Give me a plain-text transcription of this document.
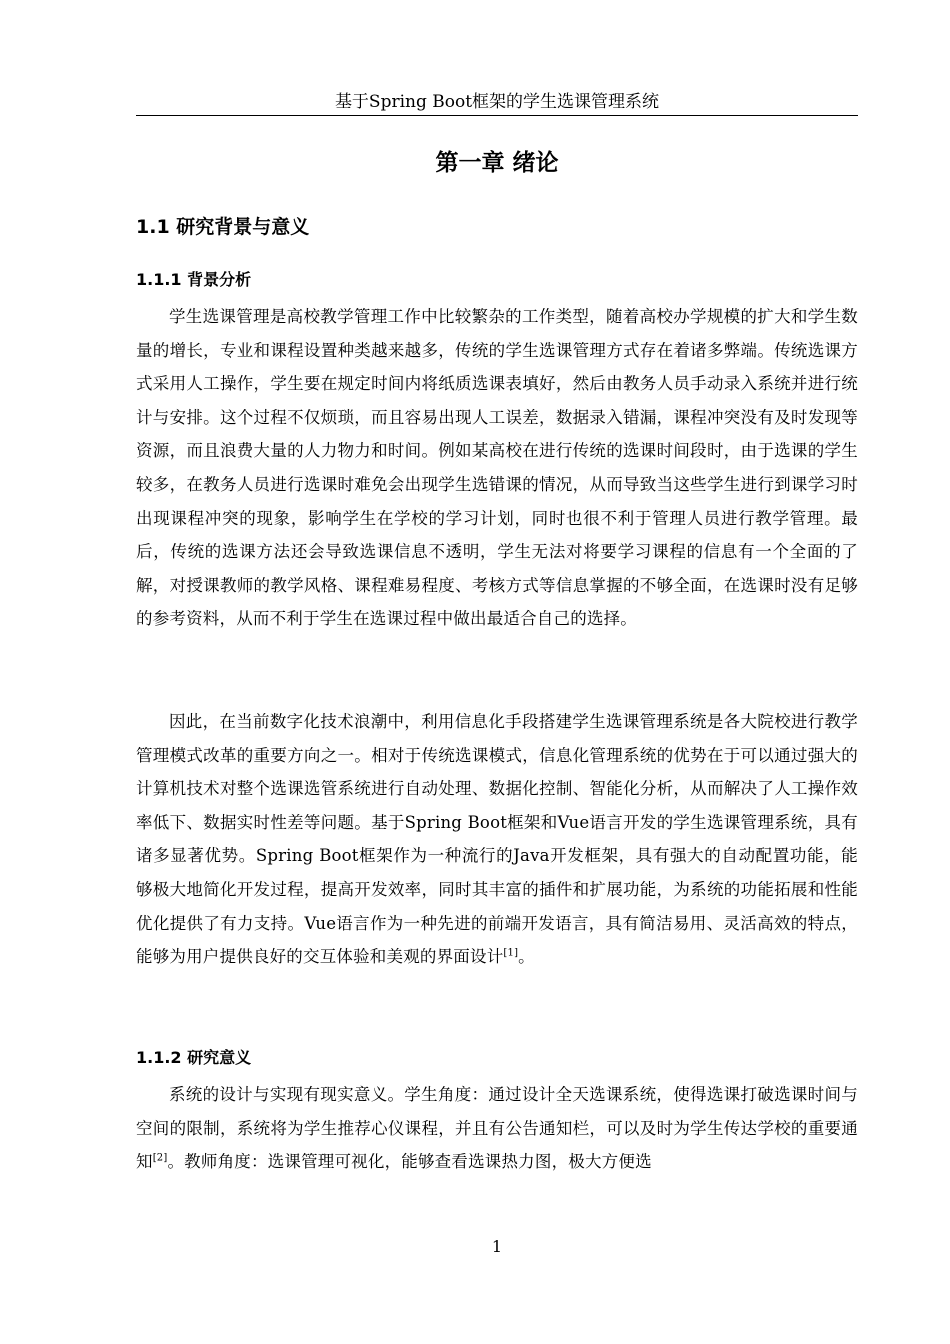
基于Spring Boot框架的学生选课管理系统
第一章 绪论
1.1 研究背景与意义
1.1.1 背景分析

学生选课管理是高校教学管理工作中比较繁杂的工作类型，随着高校办学规模的扩大和学生数量的增长，专业和课程设置种类越来越多，传统的学生选课管理方式存在着诸多弊端。传统选课方式采用人工操作，学生要在规定时间内将纸质选课表填好，然后由教务人员手动录入系统并进行统计与安排。这个过程不仅烦琐，而且容易出现人工误差，数据录入错漏，课程冲突没有及时发现等资源，而且浪费大量的人力物力和时间。例如某高校在进行传统的选课时间段时，由于选课的学生较多，在教务人员进行选课时难免会出现学生选错课的情况，从而导致当这些学生进行到课学习时出现课程冲突的现象，影响学生在学校的学习计划，同时也很不利于管理人员进行教学管理。最后，传统的选课方法还会导致选课信息不透明，学生无法对将要学习课程的信息有一个全面的了解，对授课教师的教学风格、课程难易程度、考核方式等信息掌握的不够全面，在选课时没有足够的参考资料，从而不利于学生在选课过程中做出最适合自己的选择。

因此，在当前数字化技术浪潮中，利用信息化手段搭建学生选课管理系统是各大院校进行教学管理模式改革的重要方向之一。相对于传统选课模式，信息化管理系统的优势在于可以通过强大的计算机技术对整个选课选管系统进行自动处理、数据化控制、智能化分析，从而解决了人工操作效率低下、数据实时性差等问题。基于Spring Boot框架和Vue语言开发的学生选课管理系统，具有诸多显著优势。Spring Boot框架作为一种流行的Java开发框架，具有强大的自动配置功能，能够极大地简化开发过程，提高开发效率，同时其丰富的插件和扩展功能，为系统的功能拓展和性能优化提供了有力支持。Vue语言作为一种先进的前端开发语言，具有简洁易用、灵活高效的特点，能够为用户提供良好的交互体验和美观的界面设计[1]。

1.1.2 研究意义

系统的设计与实现有现实意义。学生角度：通过设计全天选课系统，使得选课打破选课时间与空间的限制，系统将为学生推荐心仪课程，并且有公告通知栏，可以及时为学生传达学校的重要通知[2]。教师角度：选课管理可视化，能够查看选课热力图，极大方便选

1
